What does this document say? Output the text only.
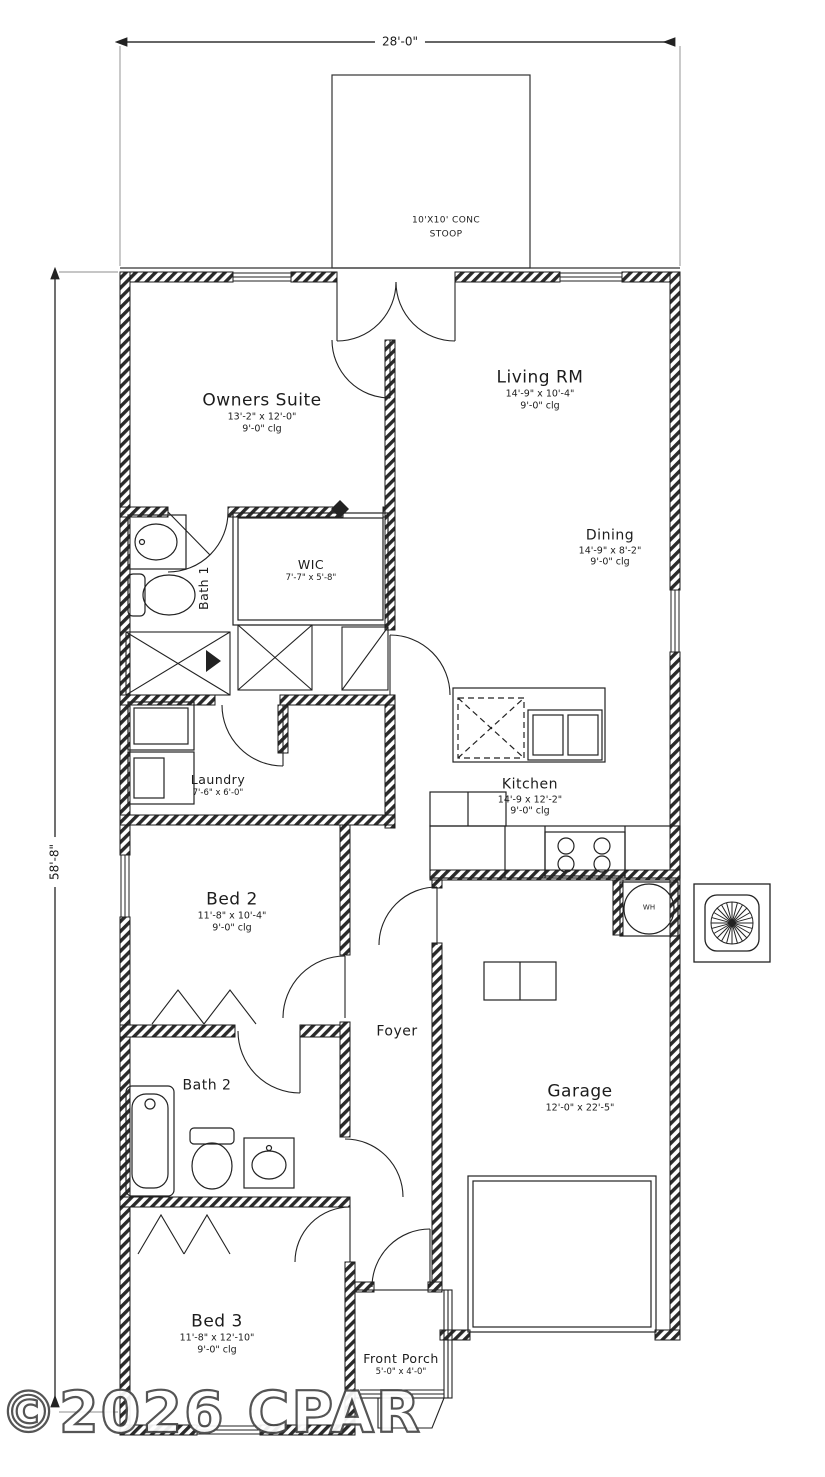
28'-0"
58'-8"
10'X10' CONC
STOOP
Owners Suite
13'-2" x 12'-0"
9'-0" clg
Living RM
14'-9" x 10'-4"
9'-0" clg
Dining
14'-9" x 8'-2"
9'-0" clg
WIC
7'-7" x 5'-8"
Bath 1
Laundry
7'-6" x 6'-0"
Kitchen
14'-9 x 12'-2"
9'-0" clg
Bed 2
11'-8" x 10'-4"
9'-0" clg
Foyer
Bath 2	Garage
12'-0" x 22'-5"
WH
Bed 3
11'-8" x 12'-10"
9'-0" clg
Front Porch
5'-0" x 4'-0"
©2026 CPAR
